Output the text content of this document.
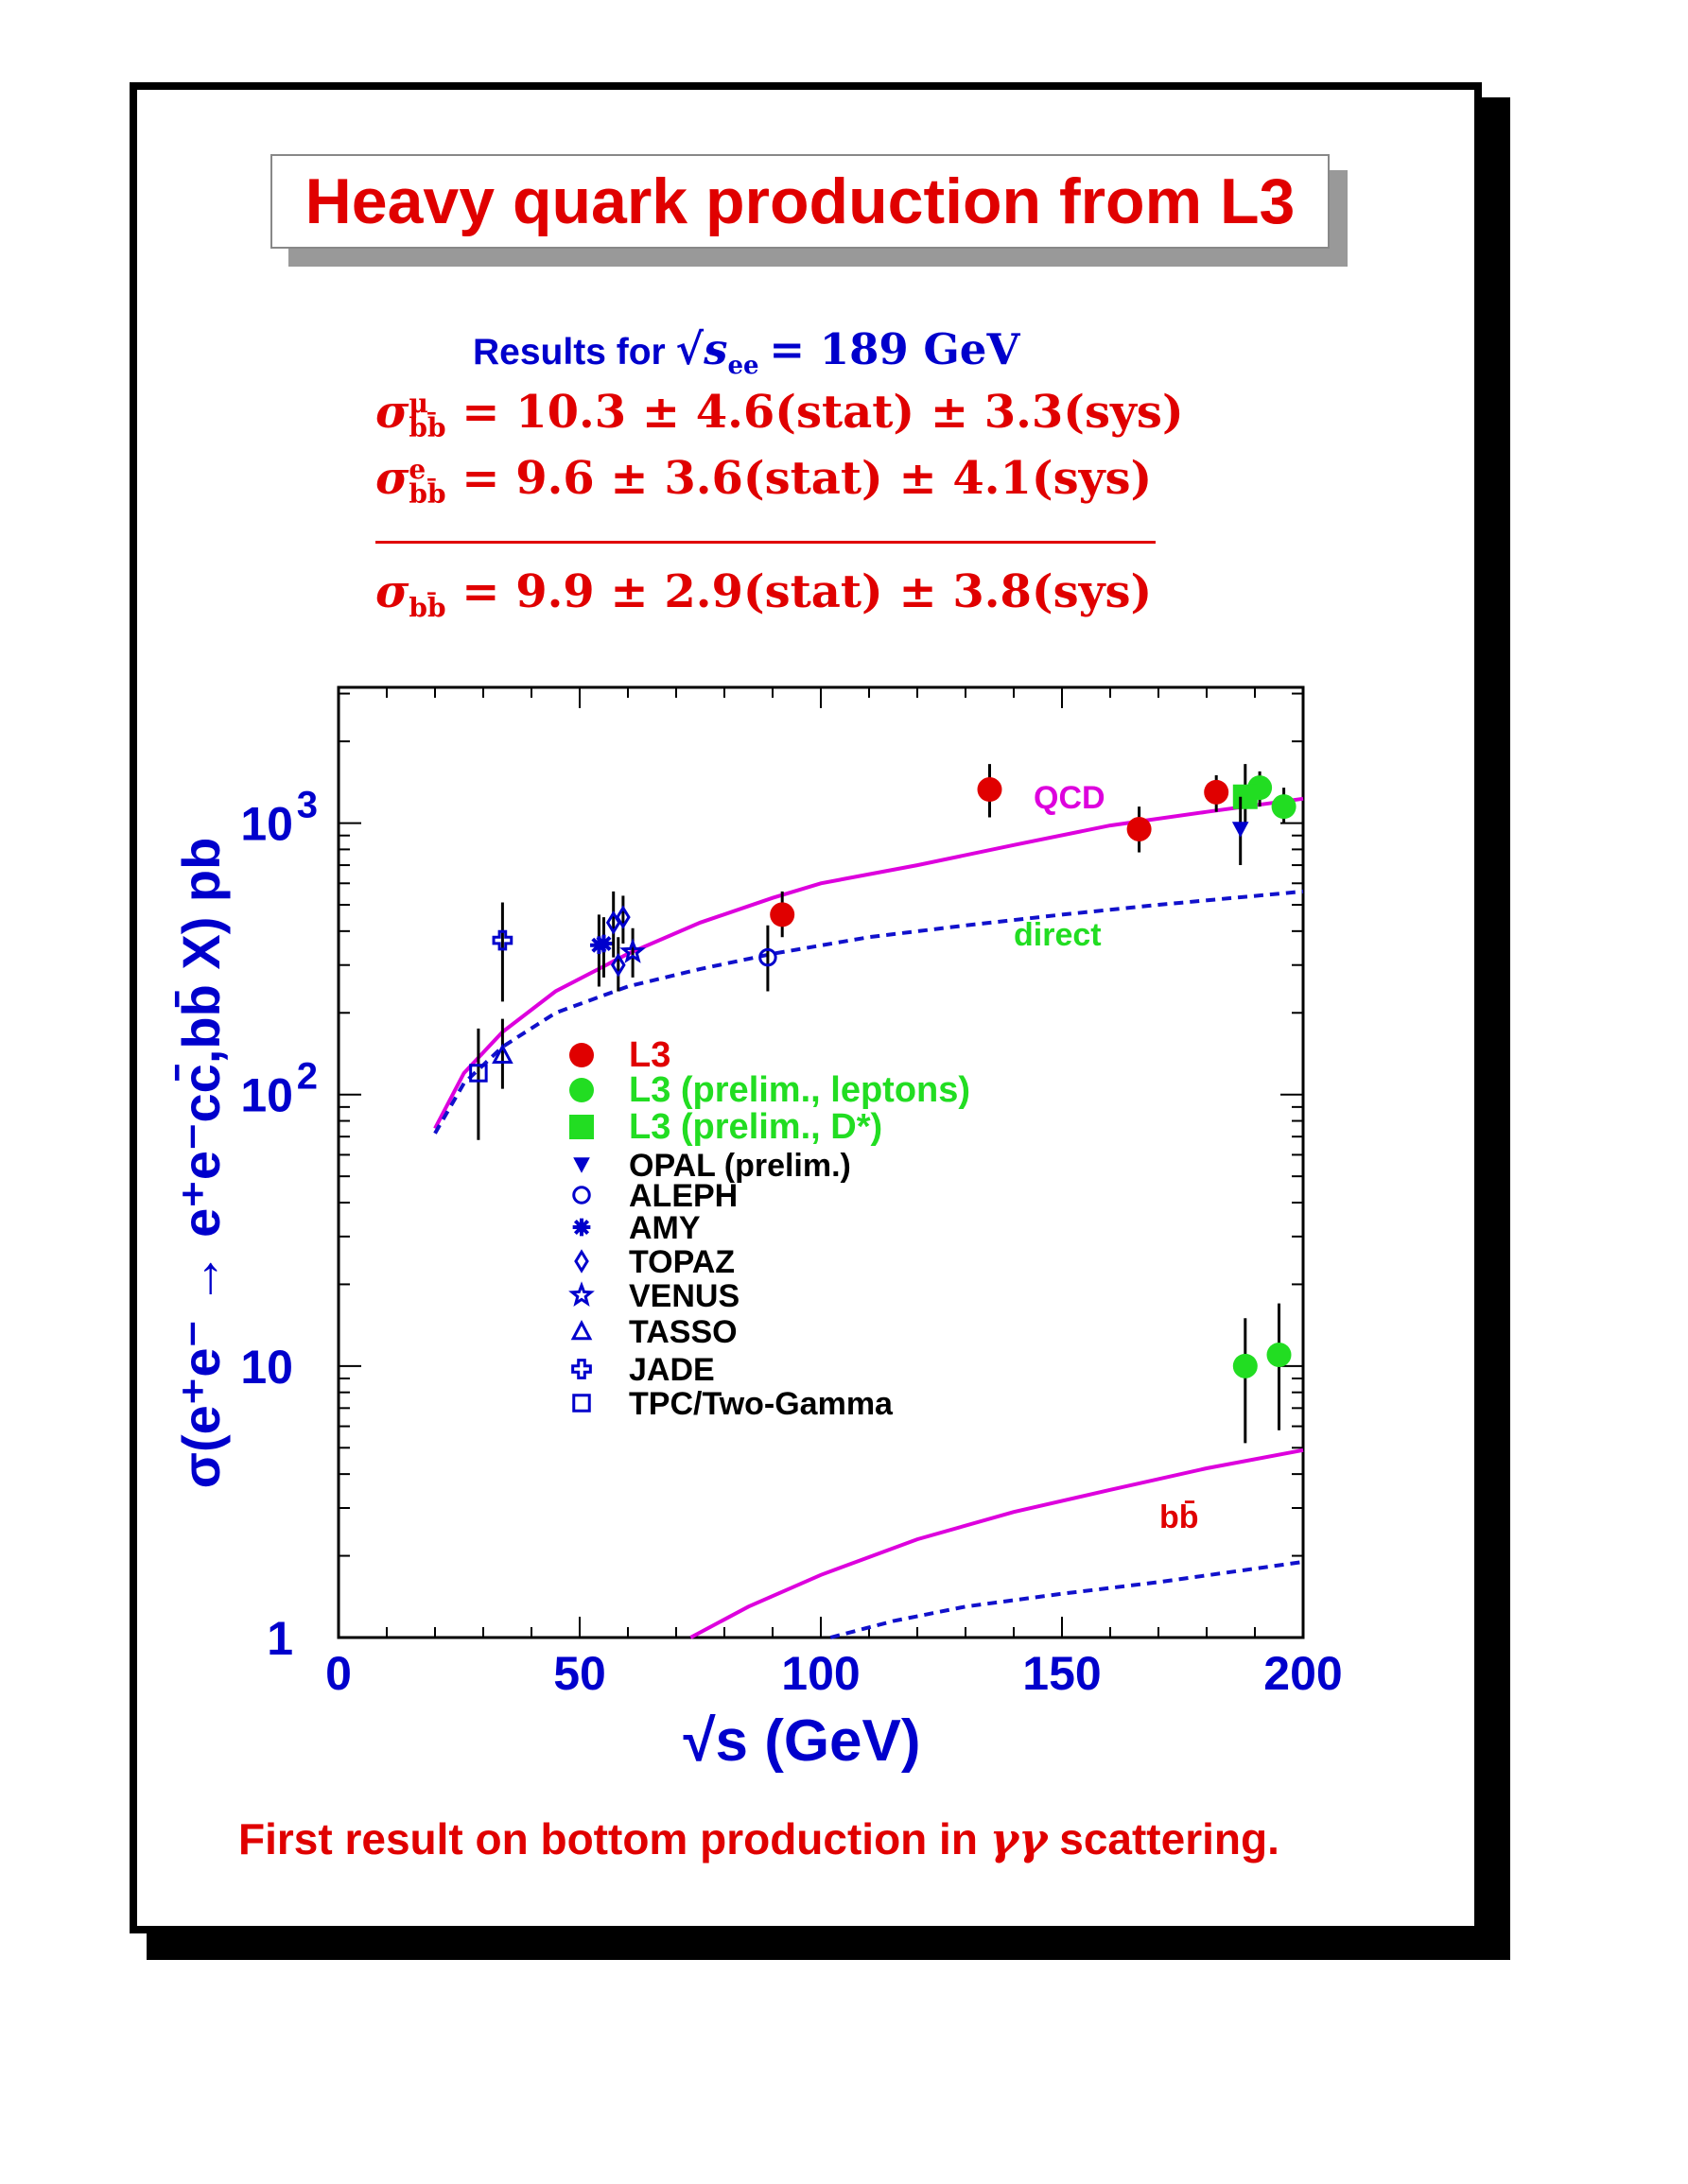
Heavy quark production from L3
Results for $√s_{ee} = 189$ GeV
σ μ
bb̄ = 10.3 ± 4.6(stat) ± 3.3(sys)
σ e
bb̄ = 9.6 ± 3.6(stat) ± 4.1(sys)
$\sigma_{bb̄} = 9.9$ ± 2.9(stat) ± 3.8(sys)
0	50	100	150	200
1
10
10 2
10 3
√s (GeV)
σ(e⁺e⁻ → e⁺e⁻cc̄,bb̄ X) pb
QCD
direct
bb̄
L3
L3 (prelim., leptons)
L3 (prelim., D*)
OPAL (prelim.)
ALEPH
AMY
TOPAZ
VENUS
TASSO
JADE
TPC/Two-Gamma
First result on bottom production in γγ scattering.
